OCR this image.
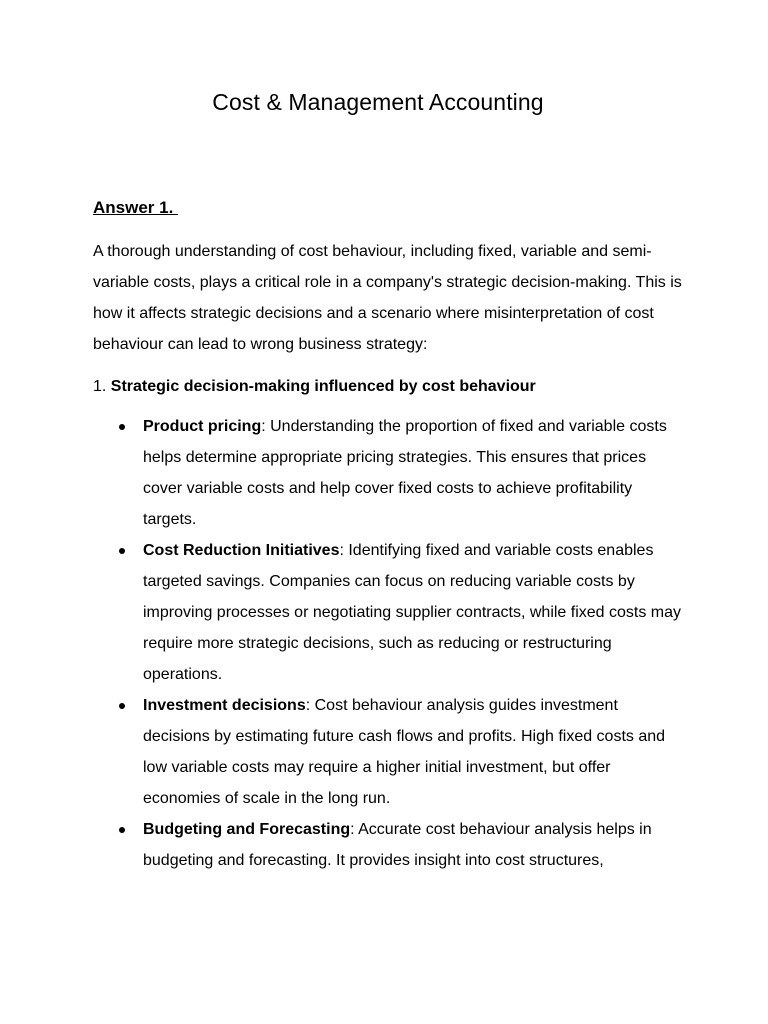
Cost & Management Accounting
Answer 1.

A thorough understanding of cost behaviour, including fixed, variable and semi-variable costs, plays a critical role in a company's strategic decision-making. This is how it affects strategic decisions and a scenario where misinterpretation of cost behaviour can lead to wrong business strategy:

1. Strategic decision-making influenced by cost behaviour
Product pricing: Understanding the proportion of fixed and variable costs helps determine appropriate pricing strategies. This ensures that prices cover variable costs and help cover fixed costs to achieve profitability targets.
Cost Reduction Initiatives: Identifying fixed and variable costs enables targeted savings. Companies can focus on reducing variable costs by improving processes or negotiating supplier contracts, while fixed costs may require more strategic decisions, such as reducing or restructuring operations.
Investment decisions: Cost behaviour analysis guides investment decisions by estimating future cash flows and profits. High fixed costs and low variable costs may require a higher initial investment, but offer economies of scale in the long run.
Budgeting and Forecasting: Accurate cost behaviour analysis helps in budgeting and forecasting. It provides insight into cost structures,
